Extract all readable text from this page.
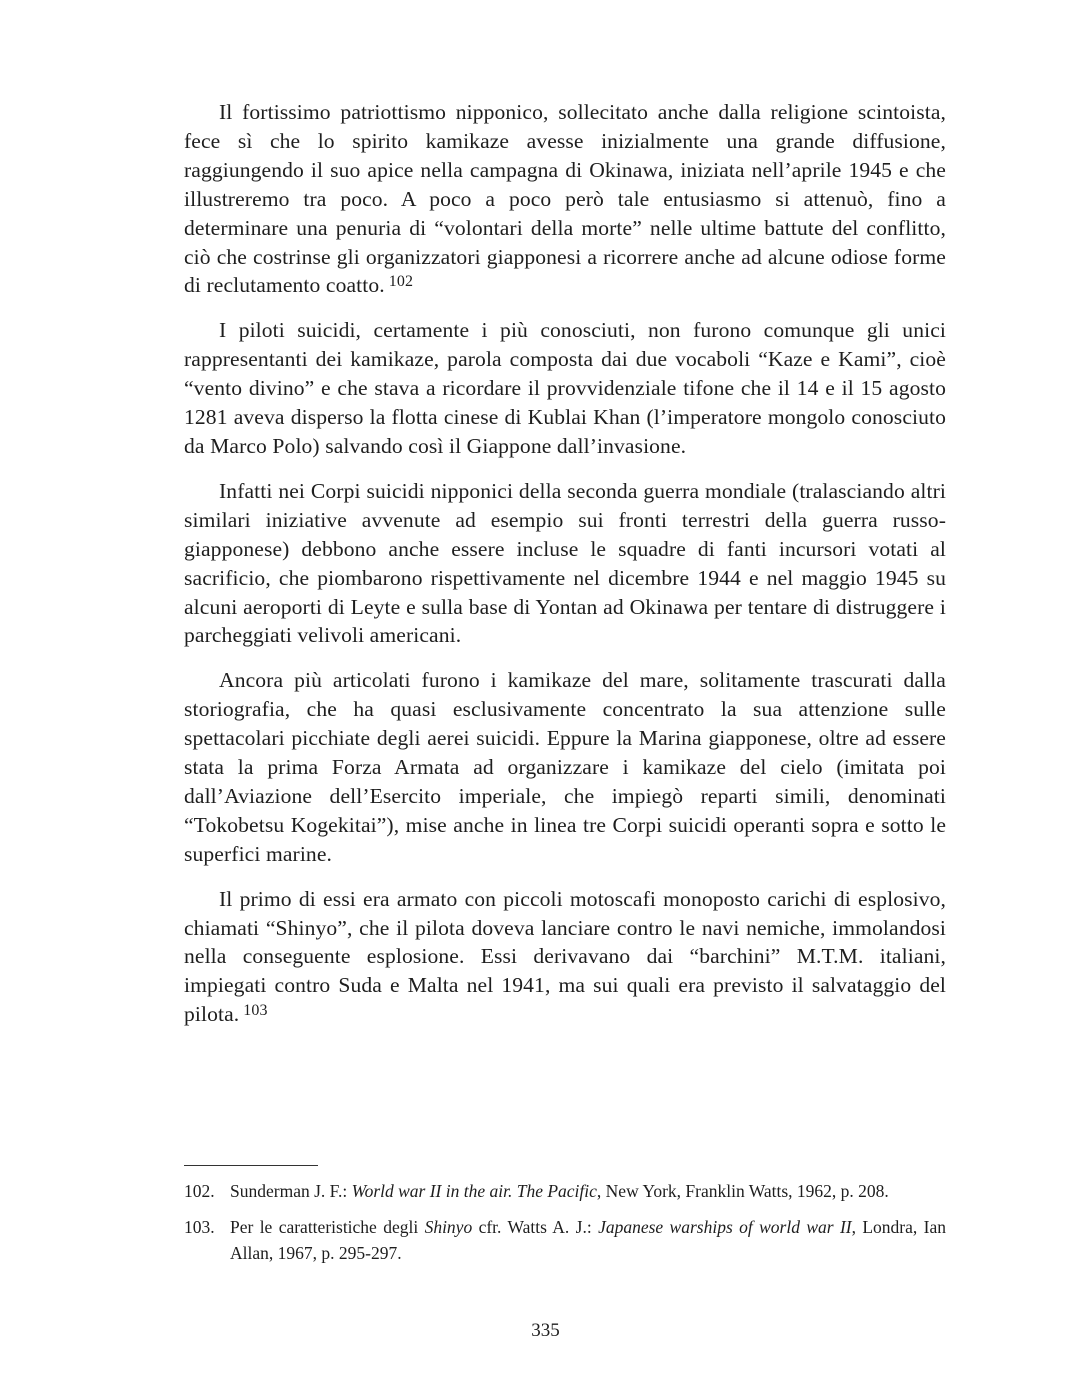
Il fortissimo patriottismo nipponico, sollecitato anche dalla religione scintoista, fece sì che lo spirito kamikaze avesse inizialmente una grande diffusione, raggiungendo il suo apice nella campagna di Okinawa, iniziata nell’aprile 1945 e che illustreremo tra poco. A poco a poco però tale entusiasmo si attenuò, fino a determinare una penuria di “volontari della morte” nelle ultime battute del conflitto, ciò che costrinse gli organizzatori giapponesi a ricorrere anche ad alcune odiose forme di reclutamento coatto. $^{102}$

I piloti suicidi, certamente i più conosciuti, non furono comunque gli unici rappresentanti dei kamikaze, parola composta dai due vocaboli “Kaze e Kami”, cioè “vento divino” e che stava a ricordare il provvidenziale tifone che il 14 e il 15 agosto 1281 aveva disperso la flotta cinese di Kublai Khan (l’imperatore mongolo conosciuto da Marco Polo) salvando così il Giappone dall’invasione.

Infatti nei Corpi suicidi nipponici della seconda guerra mondiale (tralasciando altri similari iniziative avvenute ad esempio sui fronti terrestri della guerra russo-giapponese) debbono anche essere incluse le squadre di fanti incursori votati al sacrificio, che piombarono rispettivamente nel dicembre 1944 e nel maggio 1945 su alcuni aeroporti di Leyte e sulla base di Yontan ad Okinawa per tentare di distruggere i parcheggiati velivoli americani.

Ancora più articolati furono i kamikaze del mare, solitamente trascurati dalla storiografia, che ha quasi esclusivamente concentrato la sua attenzione sulle spettacolari picchiate degli aerei suicidi. Eppure la Marina giapponese, oltre ad essere stata la prima Forza Armata ad organizzare i kamikaze del cielo (imitata poi dall’Aviazione dell’Esercito imperiale, che impiegò reparti simili, denominati “Tokobetsu Kogekitai”), mise anche in linea tre Corpi suicidi operanti sopra e sotto le superfici marine.

Il primo di essi era armato con piccoli motoscafi monoposto carichi di esplosivo, chiamati “Shinyo”, che il pilota doveva lanciare contro le navi nemiche, immolandosi nella conseguente esplosione. Essi derivavano dai “barchini” M.T.M. italiani, impiegati contro Suda e Malta nel 1941, ma sui quali era previsto il salvataggio del pilota. $^{103}$

102. Sunderman J. F.: World war II in the air. The Pacific, New York, Franklin Watts, 1962, p. 208.
103. Per le caratteristiche degli Shinyo cfr. Watts A. J.: Japanese warships of world war II, Londra, Ian Allan, 1967, p. 295-297.
335
